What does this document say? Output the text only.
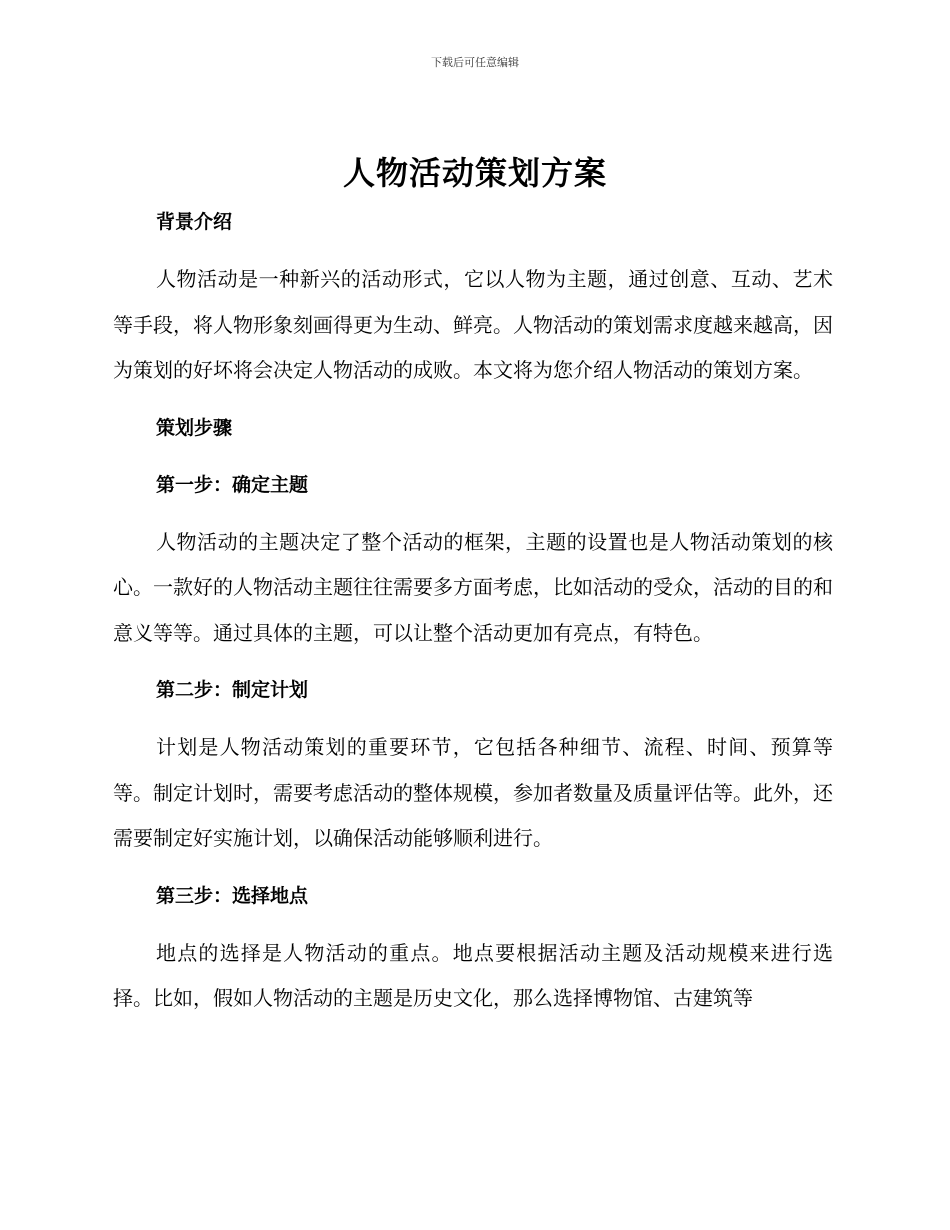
下载后可任意编辑
人物活动策划方案
背景介绍

人物活动是一种新兴的活动形式，它以人物为主题，通过创意、互动、艺术等手段，将人物形象刻画得更为生动、鲜亮。人物活动的策划需求度越来越高，因为策划的好坏将会决定人物活动的成败。本文将为您介绍人物活动的策划方案。

策划步骤
第一步：确定主题

人物活动的主题决定了整个活动的框架，主题的设置也是人物活动策划的核心。一款好的人物活动主题往往需要多方面考虑，比如活动的受众，活动的目的和意义等等。通过具体的主题，可以让整个活动更加有亮点，有特色。

第二步：制定计划

计划是人物活动策划的重要环节，它包括各种细节、流程、时间、预算等等。制定计划时，需要考虑活动的整体规模，参加者数量及质量评估等。此外，还需要制定好实施计划，以确保活动能够顺利进行。

第三步：选择地点

地点的选择是人物活动的重点。地点要根据活动主题及活动规模来进行选择。比如，假如人物活动的主题是历史文化，那么选择博物馆、古建筑等
